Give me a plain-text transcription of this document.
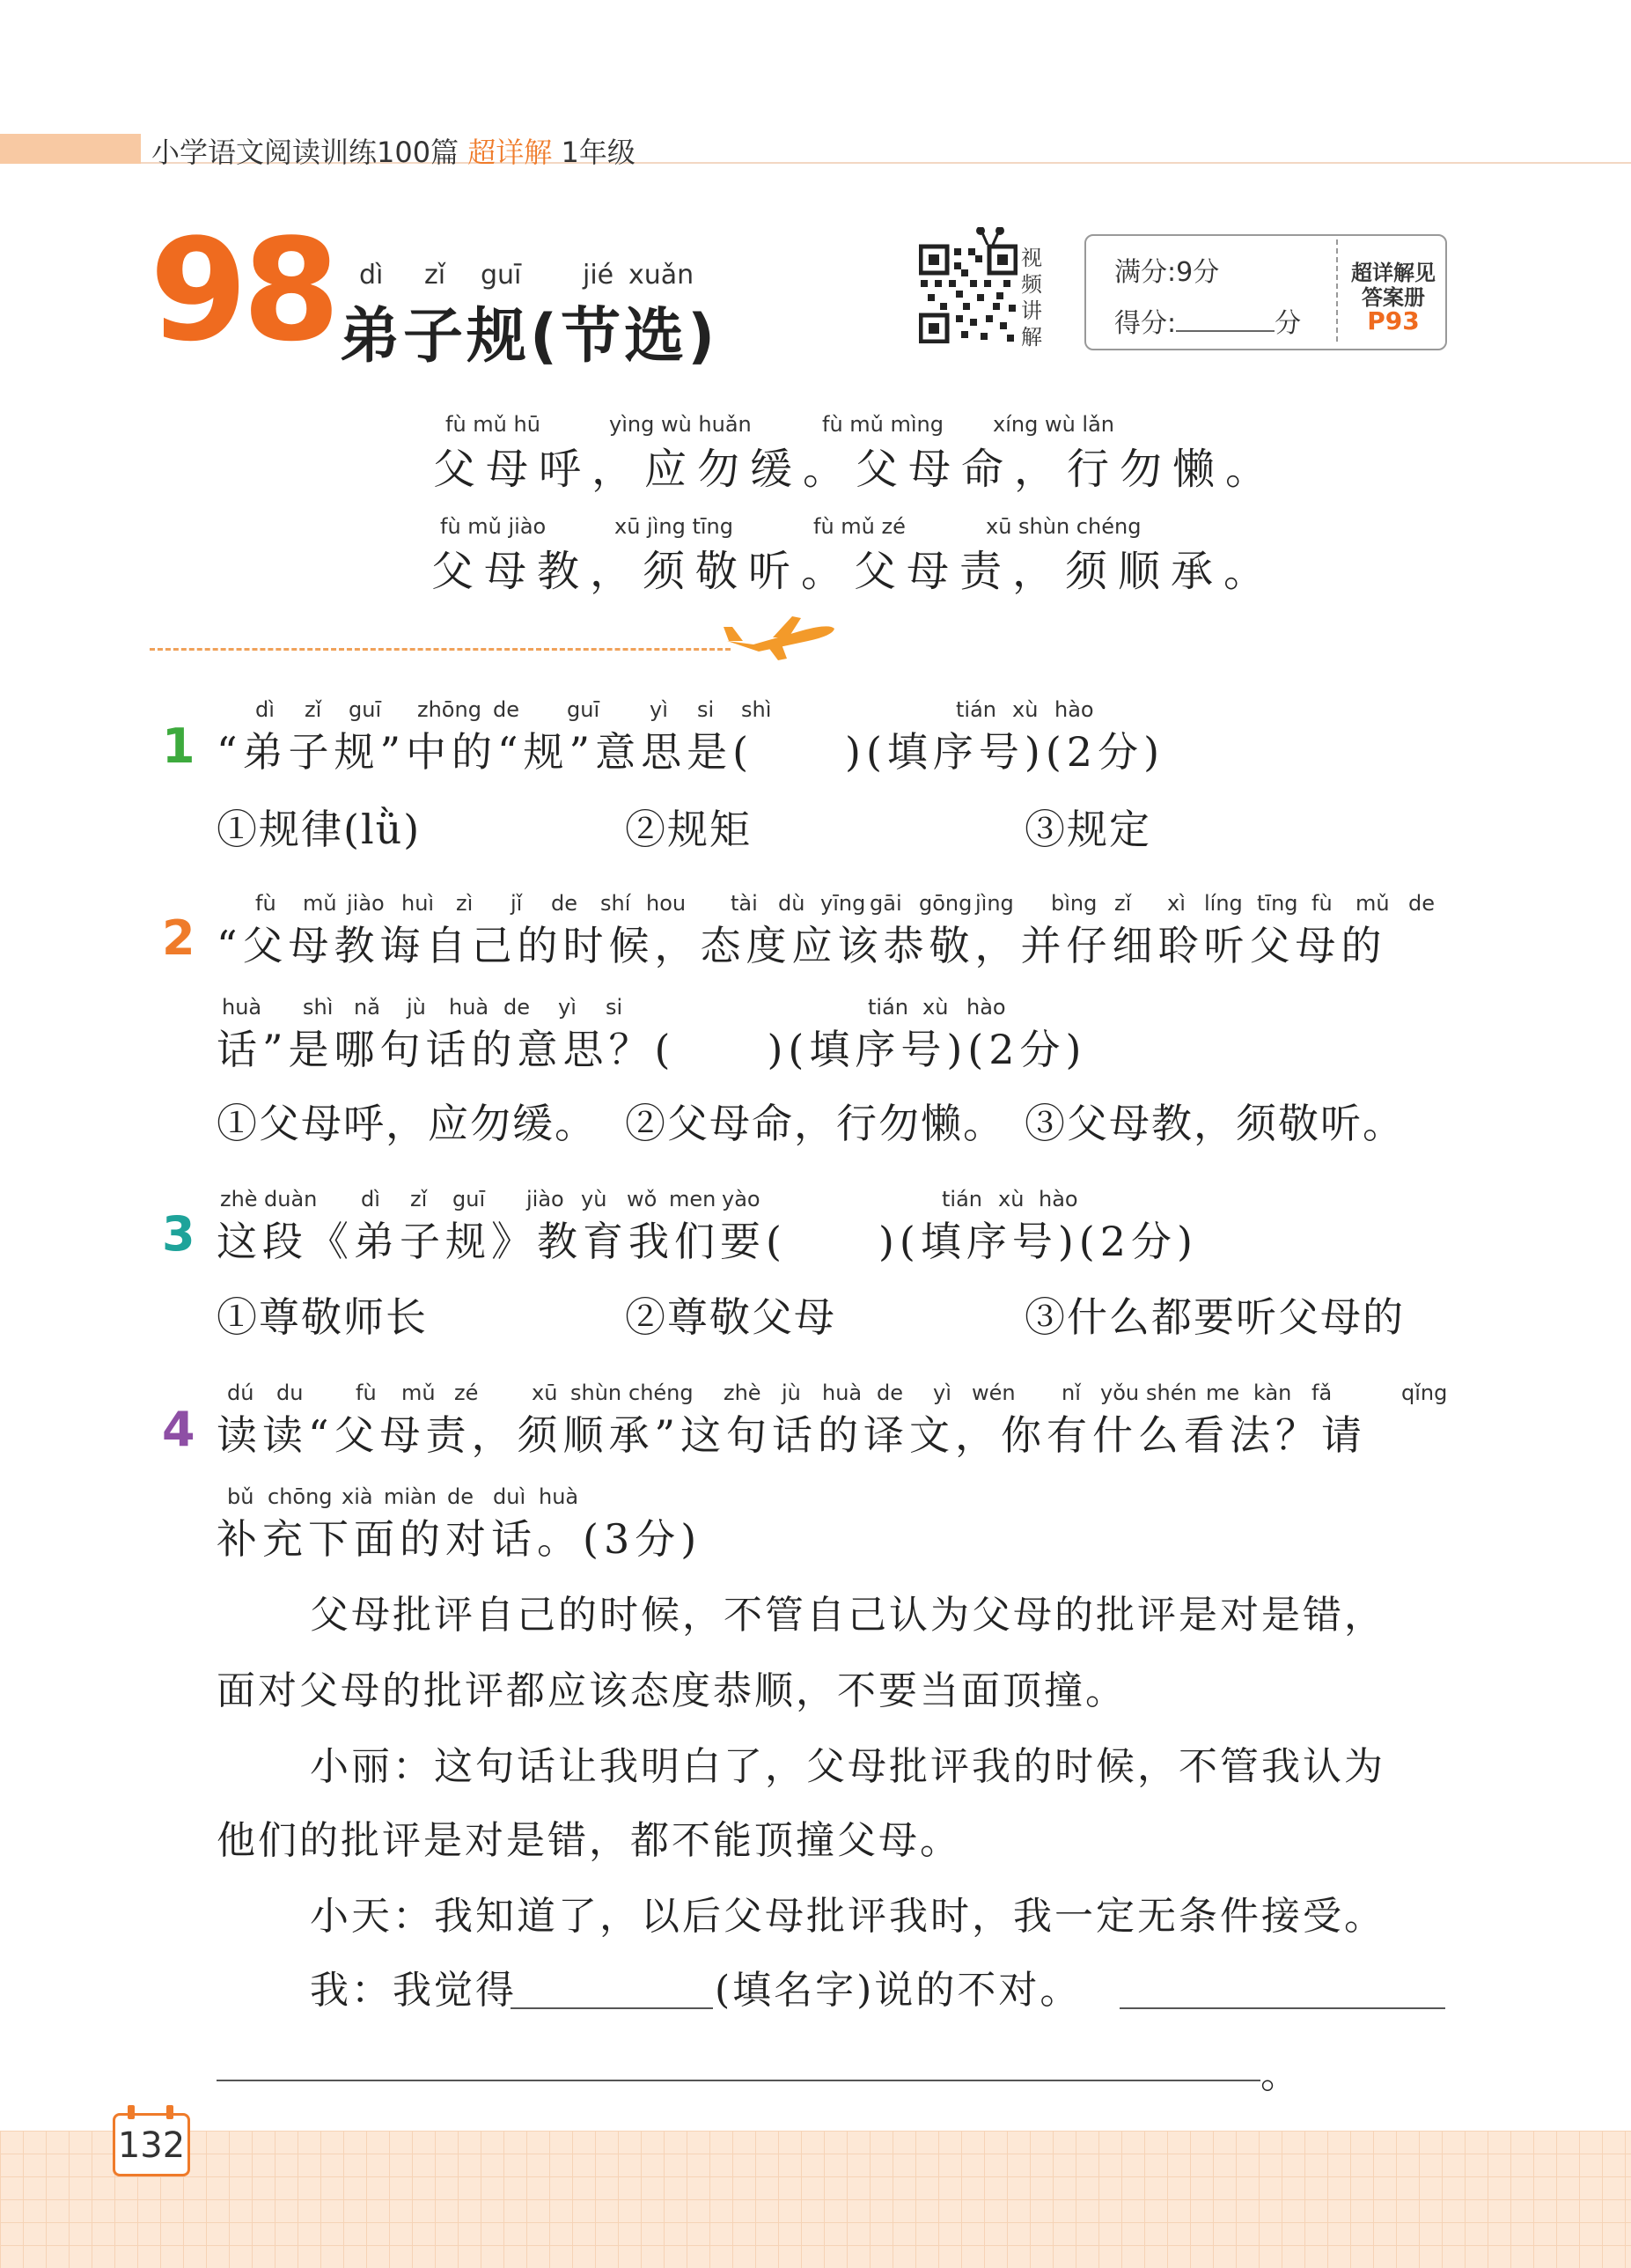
小学语文阅读训练100篇 超详解 1年级
98 dì zǐ guī jié xuǎn
弟子规(节选)
视频讲解
满分:9分
得分:	分
超详解见
答案册
P93
fù mǔ hū	yìng wù huǎn	fù mǔ mìng xíng wù lǎn
父母呼，应勿缓。父母命，行勿懒。
fù mǔ jiào	xū jìng tīng	fù mǔ zé	xū shùn chéng
父母教，须敬听。父母责，须顺承。
1
dì zǐ guī zhōng de guī yì si shì	tián xù hào
“弟子规”中的“规”意思是(　　)(填序号)(2分)
①规律(lǜ)	②规矩	③规定
2
fù mǔ jiào huì zì jǐ de shí hou tài dù yīng gāi gōng jìng bìng zǐ xì líng tīng fù mǔ de
“父母教诲自己的时候，态度应该恭敬，并仔细聆听父母的
huà shì nǎ jù huà de yì si	tián xù hào
话”是哪句话的意思？(　　)(填序号)(2分)
①父母呼，应勿缓。 ②父母命，行勿懒。 ③父母教，须敬听。
3
zhè duàn dì zǐ guī jiào yù wǒ men yào	tián xù hào
这段《弟子规》教育我们要(　　)(填序号)(2分)
①尊敬师长	②尊敬父母	③什么都要听父母的
4
dú du fù mǔ zé	xū shùn chéng zhè jù huà de yì wén nǐ yǒu shén me kàn fǎ	qǐng
读读“父母责，须顺承”这句话的译文，你有什么看法？请
bǔ chōng xià miàn de duì huà
补充下面的对话。(3分)
父母批评自己的时候，不管自己认为父母的批评是对是错，
面对父母的批评都应该态度恭顺，不要当面顶撞。
小丽：这句话让我明白了，父母批评我的时候，不管我认为
他们的批评是对是错，都不能顶撞父母。
小天：我知道了，以后父母批评我时，我一定无条件接受。
我：我觉得	(填名字)说的不对。
。
132
